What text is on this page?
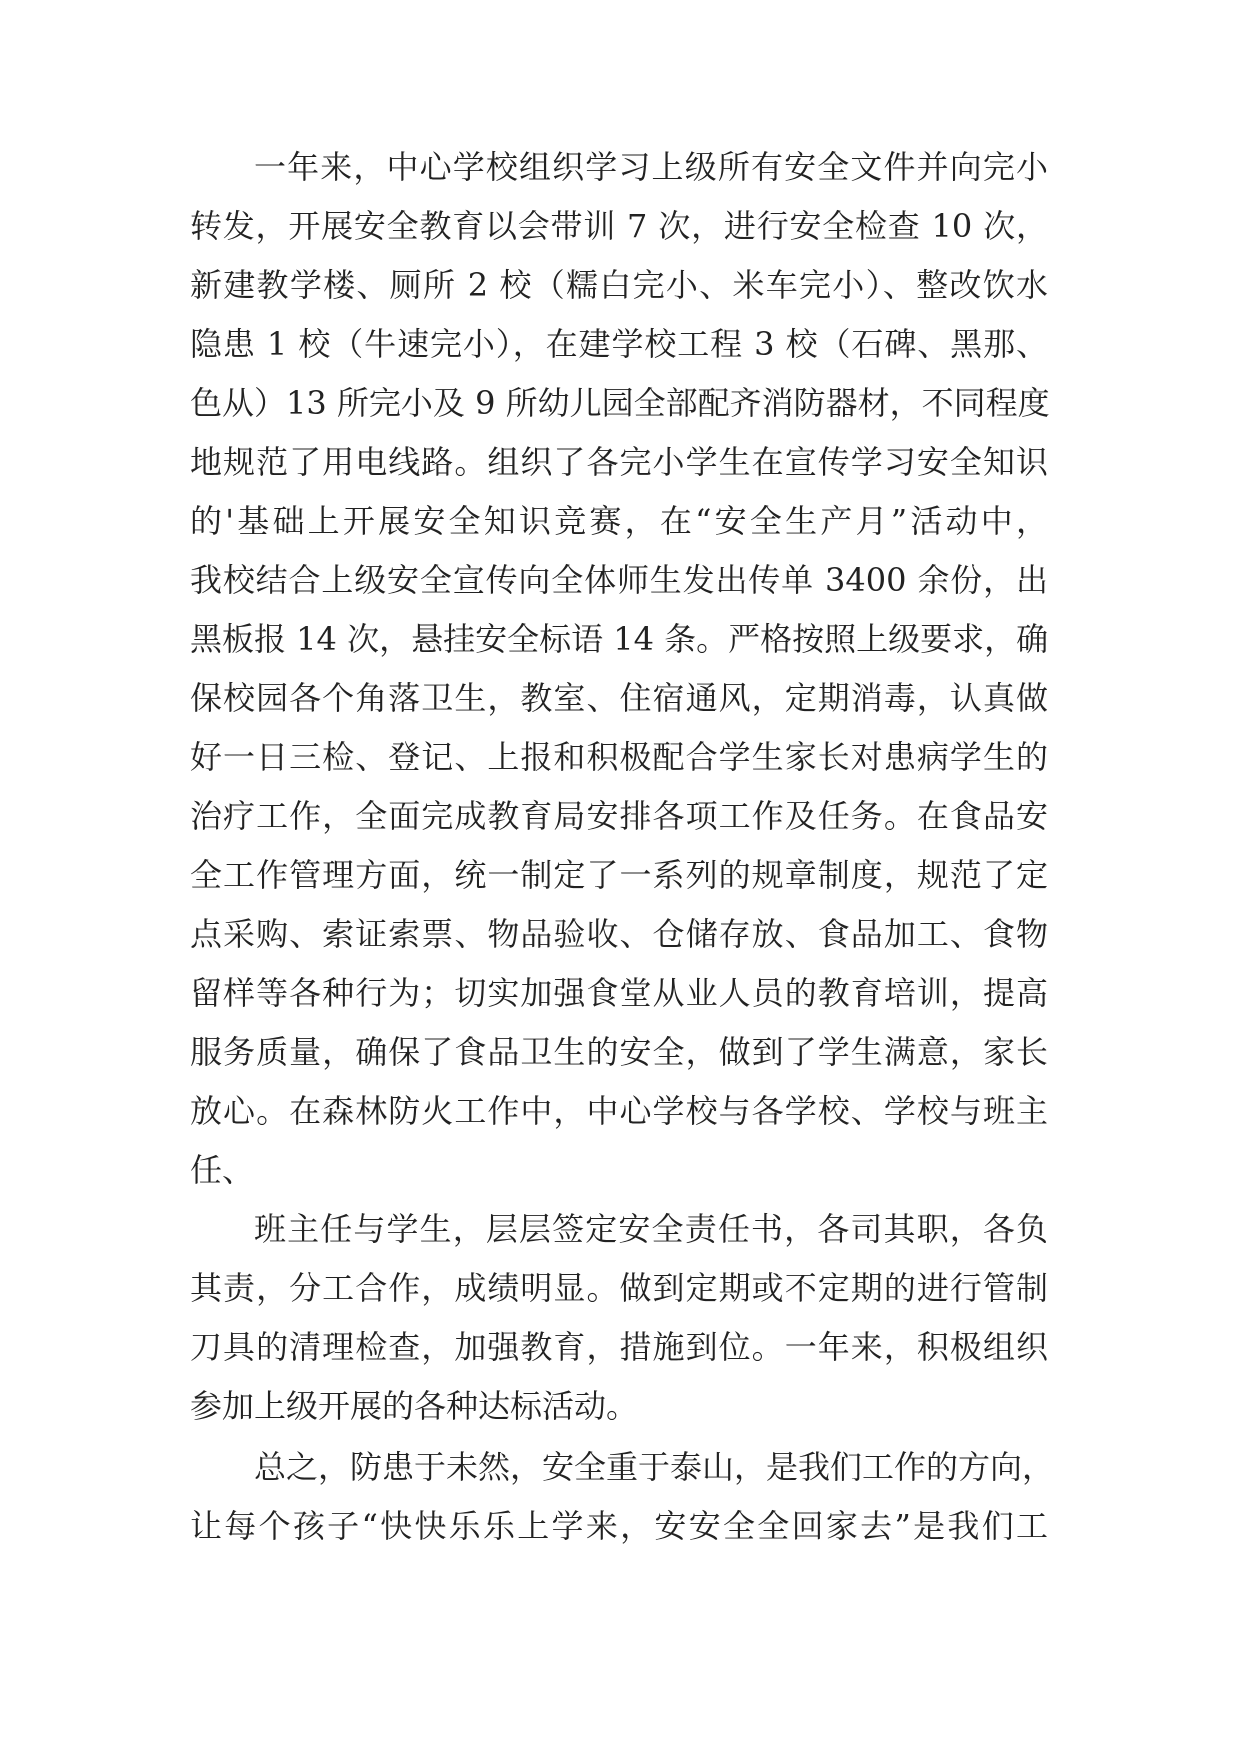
一年来，中心学校组织学习上级所有安全文件并向完小
转发，开展安全教育以会带训 7 次，进行安全检查 10 次，
新建教学楼、厕所 2 校（糯白完小、米车完小）、整改饮水
隐患 1 校（牛速完小），在建学校工程 3 校（石碑、黑那、
色从）13 所完小及 9 所幼儿园全部配齐消防器材，不同程度
地规范了用电线路。组织了各完小学生在宣传学习安全知识
的'基础上开展安全知识竞赛，在“安全生产月”活动中，
我校结合上级安全宣传向全体师生发出传单 3400 余份，出
黑板报 14 次，悬挂安全标语 14 条。严格按照上级要求，确
保校园各个角落卫生，教室、住宿通风，定期消毒，认真做
好一日三检、登记、上报和积极配合学生家长对患病学生的
治疗工作，全面完成教育局安排各项工作及任务。在食品安
全工作管理方面，统一制定了一系列的规章制度，规范了定
点采购、索证索票、物品验收、仓储存放、食品加工、食物
留样等各种行为；切实加强食堂从业人员的教育培训，提高
服务质量，确保了食品卫生的安全，做到了学生满意，家长
放心。在森林防火工作中，中心学校与各学校、学校与班主
任、
班主任与学生，层层签定安全责任书，各司其职，各负
其责，分工合作，成绩明显。做到定期或不定期的进行管制
刀具的清理检查，加强教育，措施到位。一年来，积极组织
参加上级开展的各种达标活动。
总之，防患于未然，安全重于泰山，是我们工作的方向，
让每个孩子“快快乐乐上学来，安安全全回家去”是我们工
